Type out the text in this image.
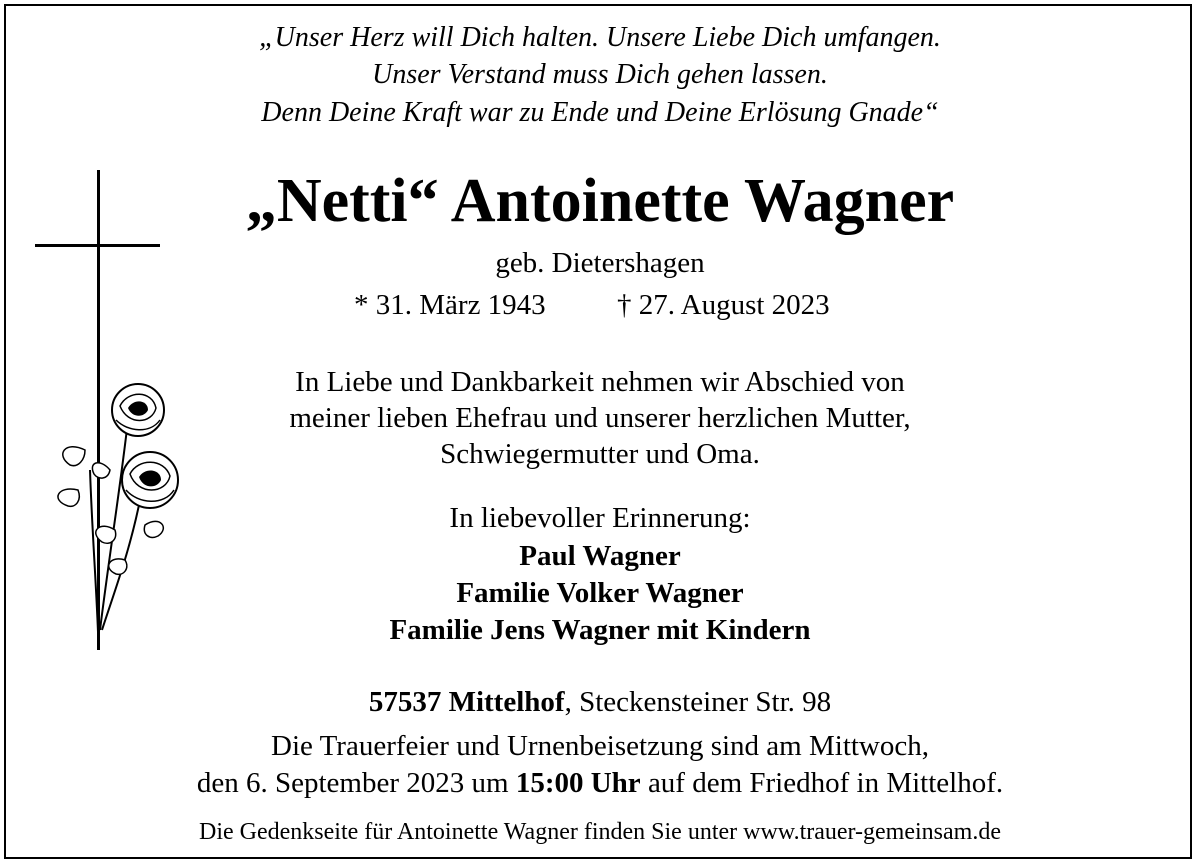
„Unser Herz will Dich halten. Unsere Liebe Dich umfangen.
Unser Verstand muss Dich gehen lassen.
Denn Deine Kraft war zu Ende und Deine Erlösung Gnade“
„Netti“ Antoinette Wagner
geb. Dietershagen
* 31. März 1943 † 27. August 2023
In Liebe und Dankbarkeit nehmen wir Abschied von
meiner lieben Ehefrau und unserer herzlichen Mutter,
Schwiegermutter und Oma.
In liebevoller Erinnerung:
Paul Wagner
Familie Volker Wagner
Familie Jens Wagner mit Kindern
57537 Mittelhof, Steckensteiner Str. 98
Die Trauerfeier und Urnenbeisetzung sind am Mittwoch,
den 6. September 2023 um 15:00 Uhr auf dem Friedhof in Mittelhof.
Die Gedenkseite für Antoinette Wagner finden Sie unter www.trauer-gemeinsam.de
